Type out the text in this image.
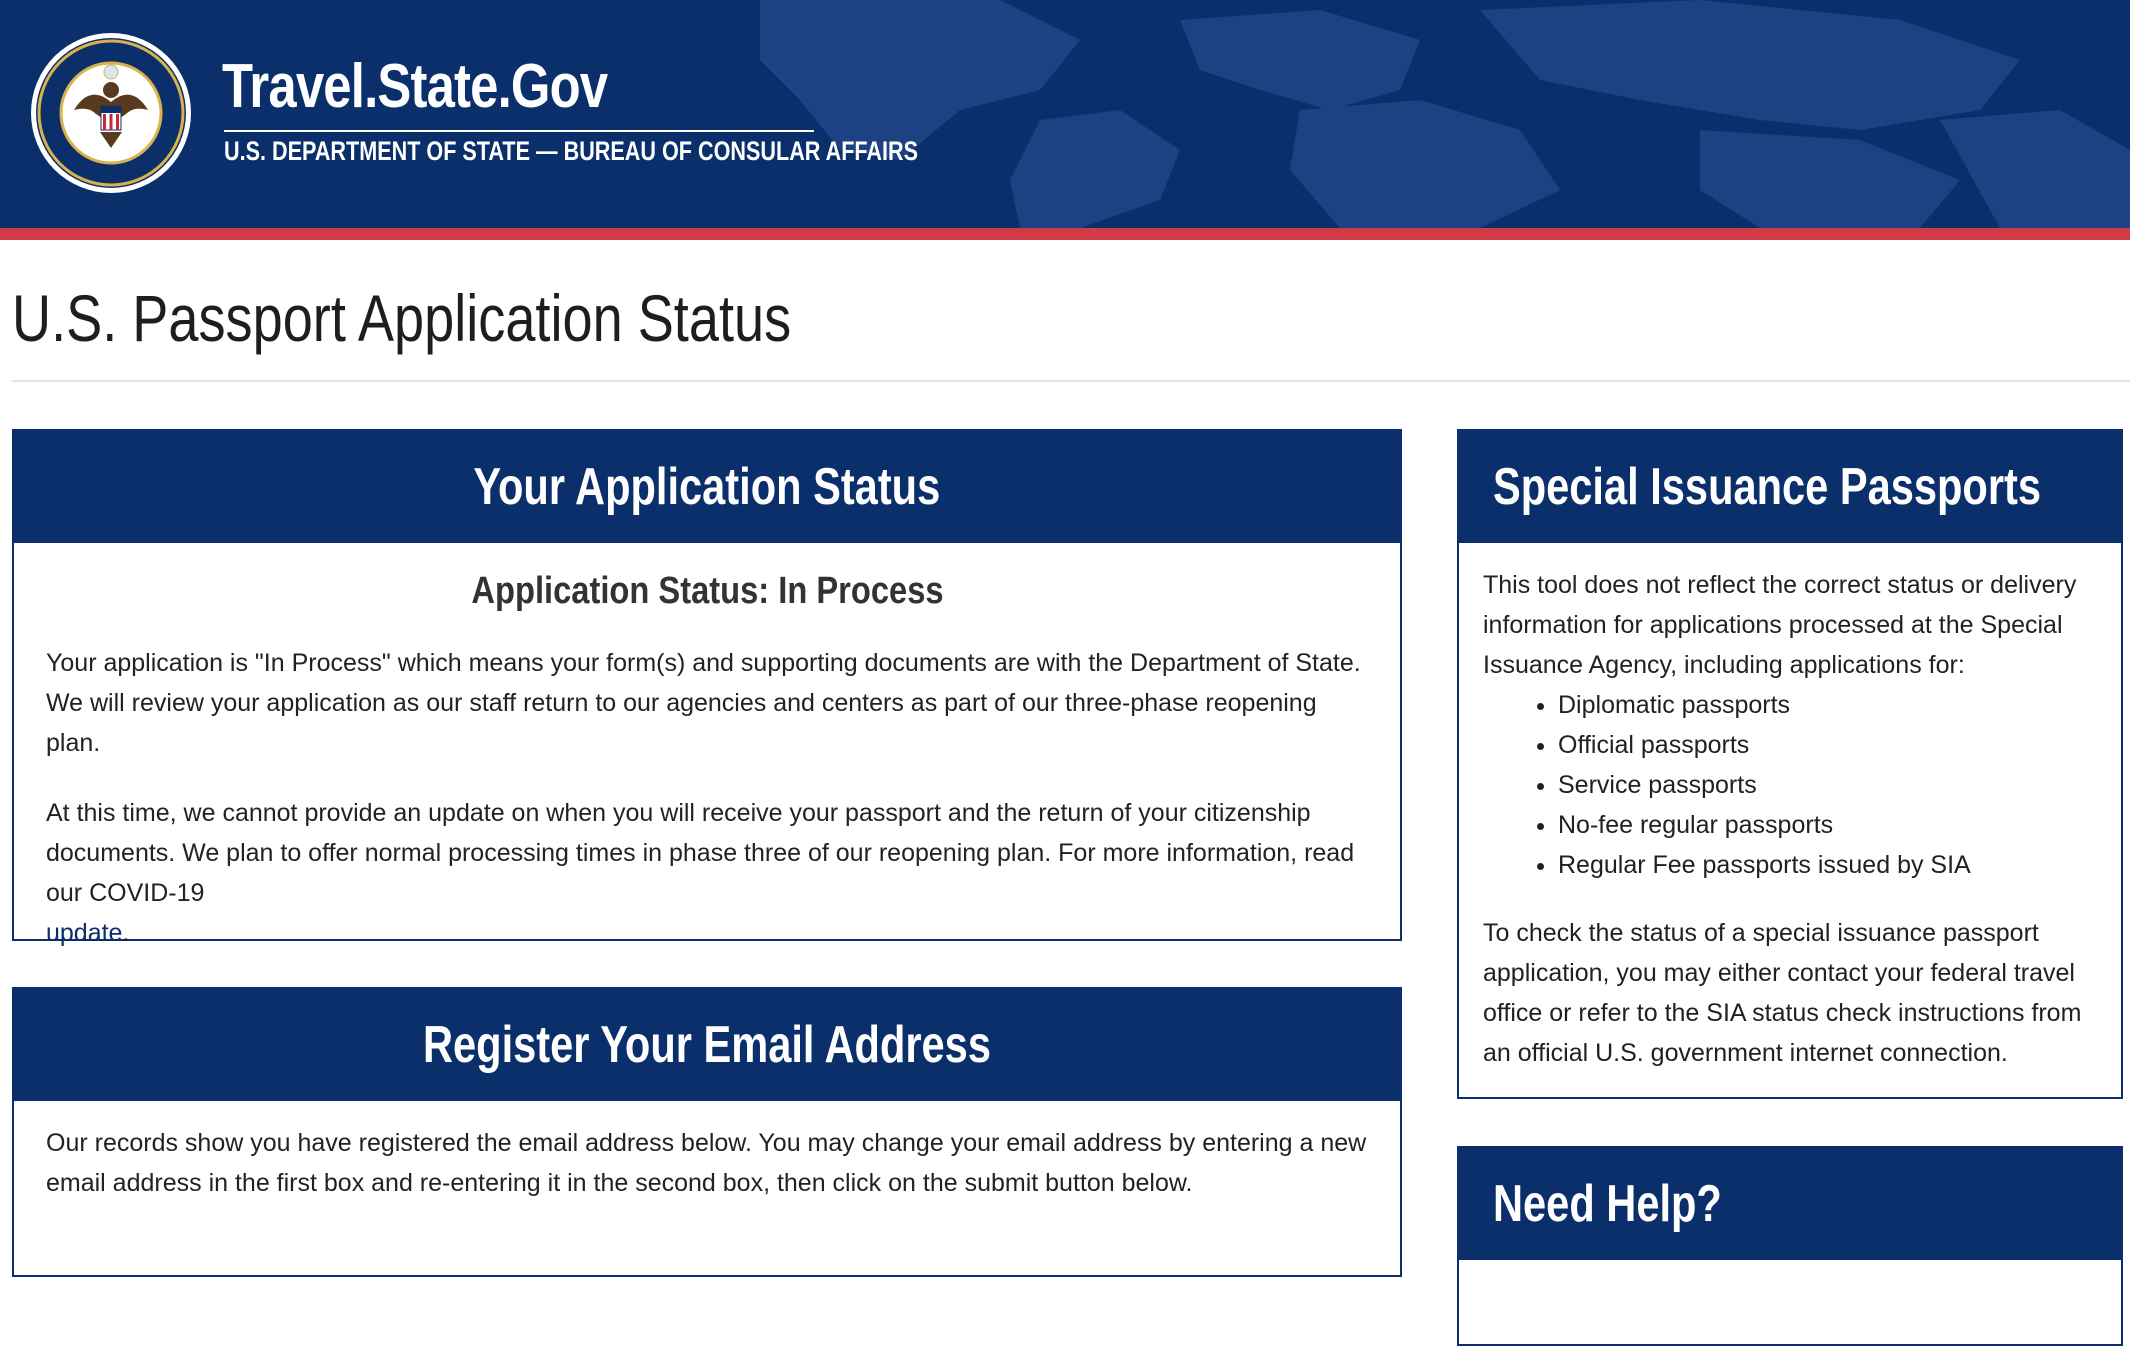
Travel.State.Gov
U.S. DEPARTMENT OF STATE — BUREAU OF CONSULAR AFFAIRS
U.S. Passport Application Status
Your Application Status
Application Status: In Process

Your application is "In Process" which means your form(s) and supporting documents are with the Department of State. We will review your application as our staff return to our agencies and centers as part of our three-phase reopening plan.

At this time, we cannot provide an update on when you will receive your passport and the return of your citizenship documents. We plan to offer normal processing times in phase three of our reopening plan. For more information, read our COVID-19
update.

Register Your Email Address

Our records show you have registered the email address below. You may change your email address by entering a new email address in the first box and re-entering it in the second box, then click on the submit button below.

Special Issuance Passports

This tool does not reflect the correct status or delivery information for applications processed at the Special Issuance Agency, including applications for:

• Diplomatic passports
• Official passports
• Service passports
• No-fee regular passports
• Regular Fee passports issued by SIA

To check the status of a special issuance passport application, you may either contact your federal travel office or refer to the SIA status check instructions from an official U.S. government internet connection.

Need Help?
